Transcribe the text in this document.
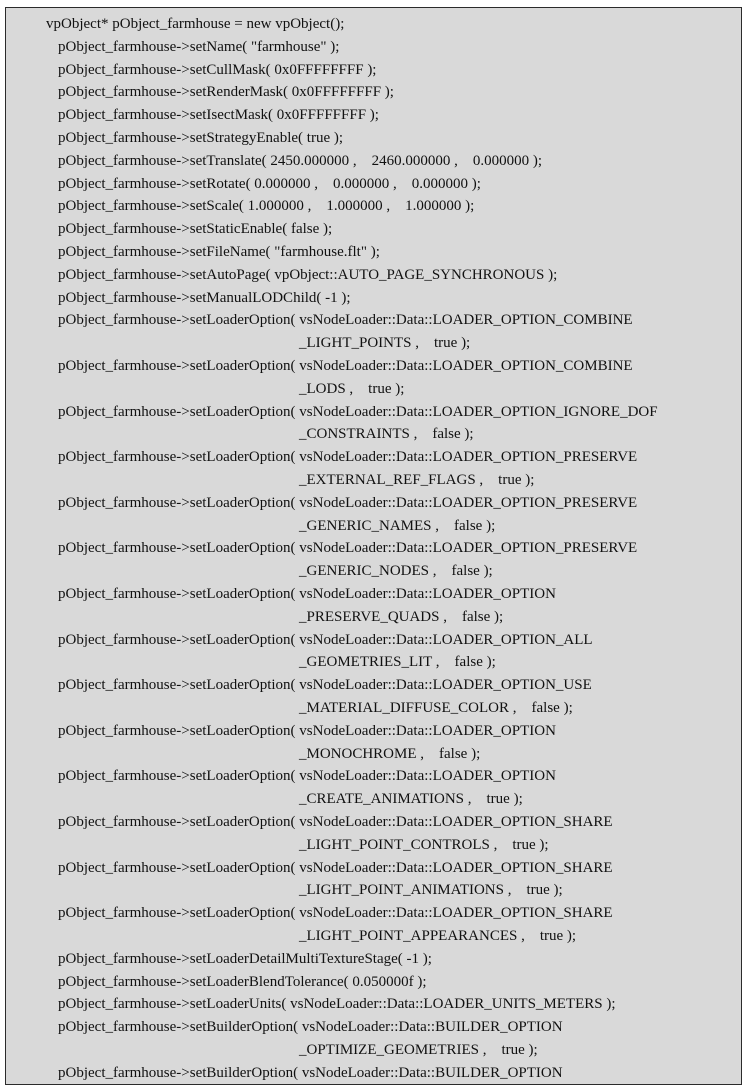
vpObject* pObject_farmhouse = new vpObject();
pObject_farmhouse->setName( "farmhouse" );
pObject_farmhouse->setCullMask( 0x0FFFFFFFF );
pObject_farmhouse->setRenderMask( 0x0FFFFFFFF );
pObject_farmhouse->setIsectMask( 0x0FFFFFFFF );
pObject_farmhouse->setStrategyEnable( true );
pObject_farmhouse->setTranslate( 2450.000000 ,    2460.000000 ,    0.000000 );
pObject_farmhouse->setRotate( 0.000000 ,    0.000000 ,    0.000000 );
pObject_farmhouse->setScale( 1.000000 ,    1.000000 ,    1.000000 );
pObject_farmhouse->setStaticEnable( false );
pObject_farmhouse->setFileName( "farmhouse.flt" );
pObject_farmhouse->setAutoPage( vpObject::AUTO_PAGE_SYNCHRONOUS );
pObject_farmhouse->setManualLODChild( -1 );
pObject_farmhouse->setLoaderOption( vsNodeLoader::Data::LOADER_OPTION_COMBINE
_LIGHT_POINTS ,    true );
pObject_farmhouse->setLoaderOption( vsNodeLoader::Data::LOADER_OPTION_COMBINE
_LODS ,    true );
pObject_farmhouse->setLoaderOption( vsNodeLoader::Data::LOADER_OPTION_IGNORE_DOF
_CONSTRAINTS ,    false );
pObject_farmhouse->setLoaderOption( vsNodeLoader::Data::LOADER_OPTION_PRESERVE
_EXTERNAL_REF_FLAGS ,    true );
pObject_farmhouse->setLoaderOption( vsNodeLoader::Data::LOADER_OPTION_PRESERVE
_GENERIC_NAMES ,    false );
pObject_farmhouse->setLoaderOption( vsNodeLoader::Data::LOADER_OPTION_PRESERVE
_GENERIC_NODES ,    false );
pObject_farmhouse->setLoaderOption( vsNodeLoader::Data::LOADER_OPTION
_PRESERVE_QUADS ,    false );
pObject_farmhouse->setLoaderOption( vsNodeLoader::Data::LOADER_OPTION_ALL
_GEOMETRIES_LIT ,    false );
pObject_farmhouse->setLoaderOption( vsNodeLoader::Data::LOADER_OPTION_USE
_MATERIAL_DIFFUSE_COLOR ,    false );
pObject_farmhouse->setLoaderOption( vsNodeLoader::Data::LOADER_OPTION
_MONOCHROME ,    false );
pObject_farmhouse->setLoaderOption( vsNodeLoader::Data::LOADER_OPTION
_CREATE_ANIMATIONS ,    true );
pObject_farmhouse->setLoaderOption( vsNodeLoader::Data::LOADER_OPTION_SHARE
_LIGHT_POINT_CONTROLS ,    true );
pObject_farmhouse->setLoaderOption( vsNodeLoader::Data::LOADER_OPTION_SHARE
_LIGHT_POINT_ANIMATIONS ,    true );
pObject_farmhouse->setLoaderOption( vsNodeLoader::Data::LOADER_OPTION_SHARE
_LIGHT_POINT_APPEARANCES ,    true );
pObject_farmhouse->setLoaderDetailMultiTextureStage( -1 );
pObject_farmhouse->setLoaderBlendTolerance( 0.050000f );
pObject_farmhouse->setLoaderUnits( vsNodeLoader::Data::LOADER_UNITS_METERS );
pObject_farmhouse->setBuilderOption( vsNodeLoader::Data::BUILDER_OPTION
_OPTIMIZE_GEOMETRIES ,    true );
pObject_farmhouse->setBuilderOption( vsNodeLoader::Data::BUILDER_OPTION
